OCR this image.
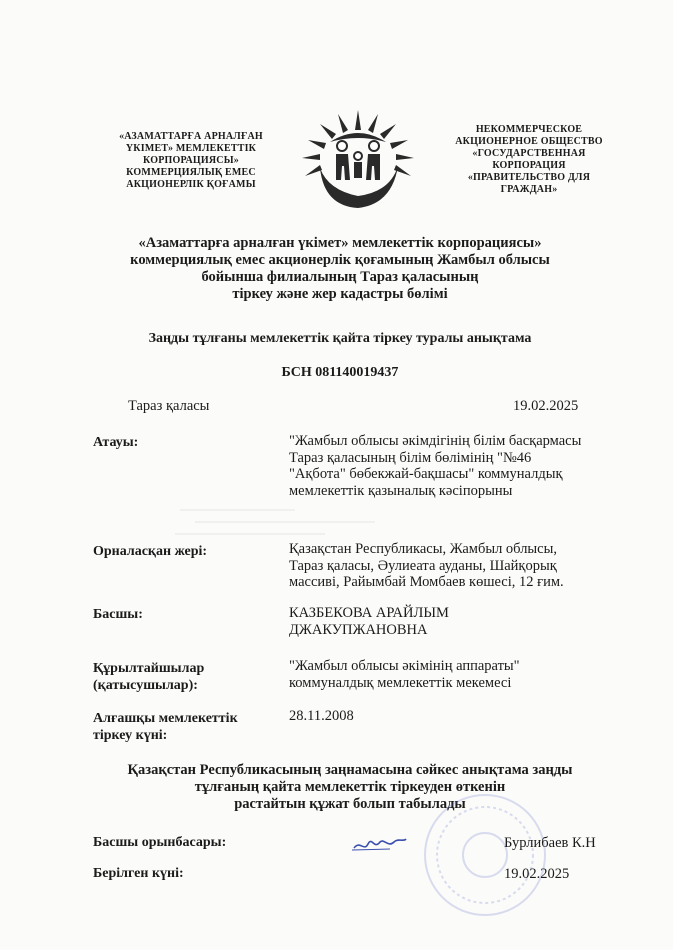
«АЗАМАТТАРҒА АРНАЛҒАН
ҮКІМЕТ» МЕМЛЕКЕТТІК
КОРПОРАЦИЯСЫ»
КОММЕРЦИЯЛЫҚ ЕМЕС
АКЦИОНЕРЛІК ҚОҒАМЫ
НЕКОММЕРЧЕСКОЕ
АКЦИОНЕРНОЕ ОБЩЕСТВО
«ГОСУДАРСТВЕННАЯ
КОРПОРАЦИЯ
«ПРАВИТЕЛЬСТВО ДЛЯ
ГРАЖДАН»
«Азаматтарға арналған үкімет» мемлекеттік корпорациясы»
коммерциялық емес акционерлік қоғамының Жамбыл облысы
бойынша филиалының Тараз қаласының
тіркеу және жер кадастры бөлімі
Заңды тұлғаны мемлекеттік қайта тіркеу туралы анықтама
БСН 081140019437
Тараз қаласы	19.02.2025
Атауы:	"Жамбыл облысы әкімдігінің білім басқармасы
Тараз қаласының білім бөлімінің "№46
"Ақбота" бөбекжай-бақшасы" коммуналдық
мемлекеттік қазыналық кәсіпорыны
Орналасқан жері:	Қазақстан Республикасы, Жамбыл облысы,
Тараз қаласы, Әулиеата ауданы, Шайқорық
массиві, Райымбай Момбаев көшесі, 12 ғим.
Басшы:	КАЗБЕКОВА АРАЙЛЫМ
ДЖАКУПЖАНОВНА
Құрылтайшылар
(қатысушылар):
"Жамбыл облысы әкімінің аппараты"
коммуналдық мемлекеттік мекемесі
Алғашқы мемлекеттік
тіркеу күні:
28.11.2008
Қазақстан Республикасының заңнамасына сәйкес анықтама заңды
тұлғаның қайта мемлекеттік тіркеуден өткенін
растайтын құжат болып табылады
Басшы орынбасары:	Бурлибаев К.Н
Берілген күні:	19.02.2025
